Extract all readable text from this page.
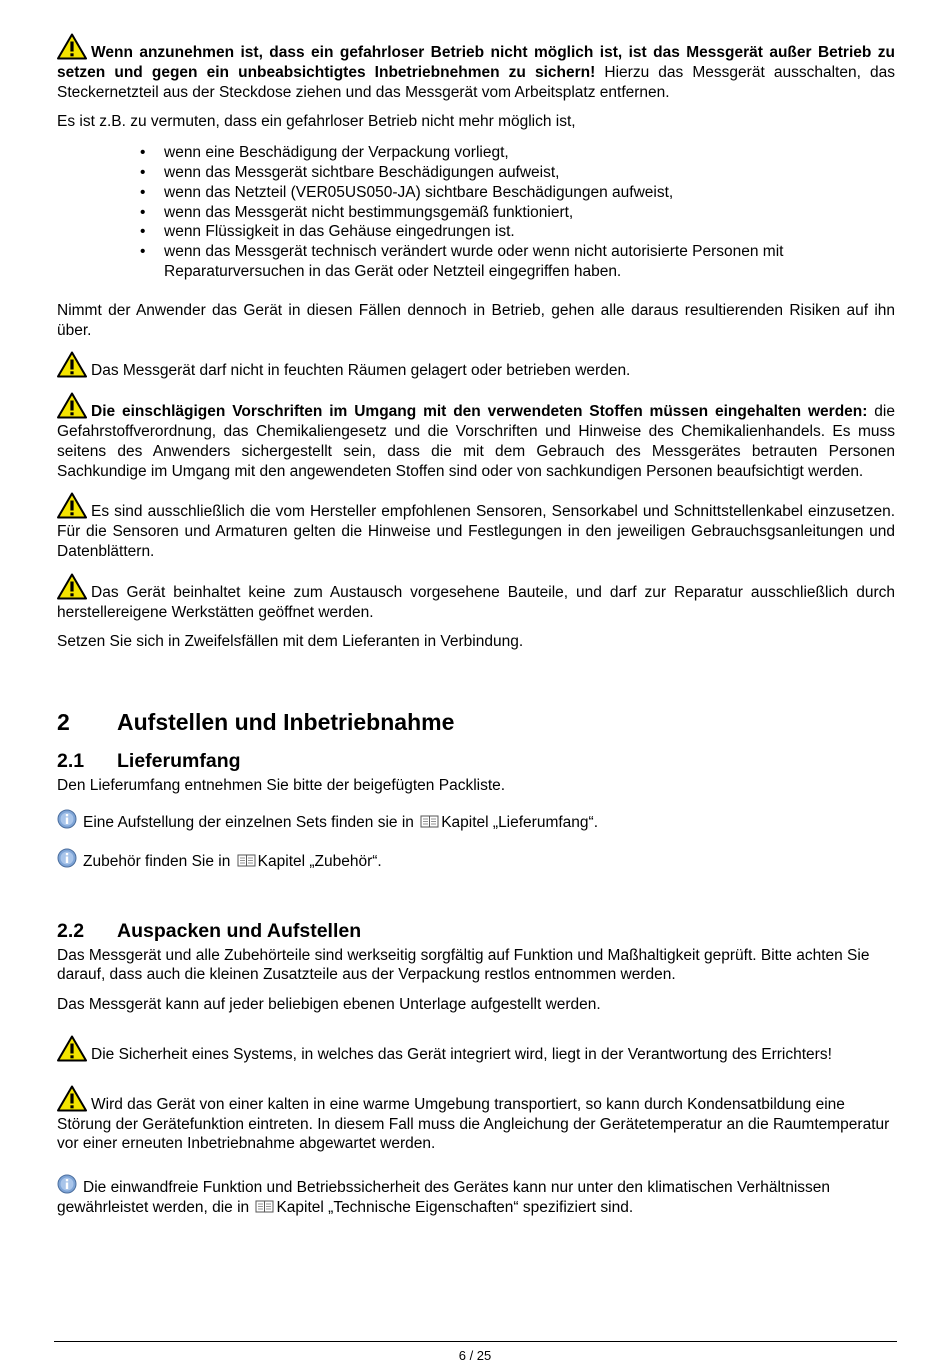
Wenn anzunehmen ist, dass ein gefahrloser Betrieb nicht möglich ist, ist das Messgerät außer Betrieb zu setzen und gegen ein unbeabsichtigtes Inbetriebnehmen zu sichern! Hierzu das Messgerät ausschalten, das Steckernetzteil aus der Steckdose ziehen und das Messgerät vom Arbeitsplatz entfernen.

Es ist z.B. zu vermuten, dass ein gefahrloser Betrieb nicht mehr möglich ist,

• wenn eine Beschädigung der Verpackung vorliegt,
• wenn das Messgerät sichtbare Beschädigungen aufweist,
• wenn das Netzteil (VER05US050-JA) sichtbare Beschädigungen aufweist,
• wenn das Messgerät nicht bestimmungsgemäß funktioniert,
• wenn Flüssigkeit in das Gehäuse eingedrungen ist.
• wenn das Messgerät technisch verändert wurde oder wenn nicht autorisierte Personen mit Reparaturversuchen in das Gerät oder Netzteil eingegriffen haben.

Nimmt der Anwender das Gerät in diesen Fällen dennoch in Betrieb, gehen alle daraus resultierenden Risiken auf ihn über.

Das Messgerät darf nicht in feuchten Räumen gelagert oder betrieben werden.

Die einschlägigen Vorschriften im Umgang mit den verwendeten Stoffen müssen eingehalten werden: die Gefahrstoffverordnung, das Chemikaliengesetz und die Vorschriften und Hinweise des Chemikalienhandels. Es muss seitens des Anwenders sichergestellt sein, dass die mit dem Gebrauch des Messgerätes betrauten Personen Sachkundige im Umgang mit den angewendeten Stoffen sind oder von sachkundigen Personen beaufsichtigt werden.

Es sind ausschließlich die vom Hersteller empfohlenen Sensoren, Sensorkabel und Schnittstellenkabel einzusetzen. Für die Sensoren und Armaturen gelten die Hinweise und Festlegungen in den jeweiligen Gebrauchsgsanleitungen und Datenblättern.

Das Gerät beinhaltet keine zum Austausch vorgesehene Bauteile, und darf zur Reparatur ausschließlich durch herstellereigene Werkstätten geöffnet werden.

Setzen Sie sich in Zweifelsfällen mit dem Lieferanten in Verbindung.

2 Aufstellen und Inbetriebnahme
2.1 Lieferumfang

Den Lieferumfang entnehmen Sie bitte der beigefügten Packliste.

Eine Aufstellung der einzelnen Sets finden sie in Kapitel „Lieferumfang“.

Zubehör finden Sie in Kapitel „Zubehör“.

2.2 Auspacken und Aufstellen

Das Messgerät und alle Zubehörteile sind werkseitig sorgfältig auf Funktion und Maßhaltigkeit geprüft. Bitte achten Sie darauf, dass auch die kleinen Zusatzteile aus der Verpackung restlos entnommen werden.

Das Messgerät kann auf jeder beliebigen ebenen Unterlage aufgestellt werden.

Die Sicherheit eines Systems, in welches das Gerät integriert wird, liegt in der Verantwortung des Errichters!

Wird das Gerät von einer kalten in eine warme Umgebung transportiert, so kann durch Kondensatbildung eine Störung der Gerätefunktion eintreten. In diesem Fall muss die Angleichung der Gerätetemperatur an die Raumtemperatur vor einer erneuten Inbetriebnahme abgewartet werden.

Die einwandfreie Funktion und Betriebssicherheit des Gerätes kann nur unter den klimatischen Verhältnissen gewährleistet werden, die in Kapitel „Technische Eigenschaften“ spezifiziert sind.

6 / 25
